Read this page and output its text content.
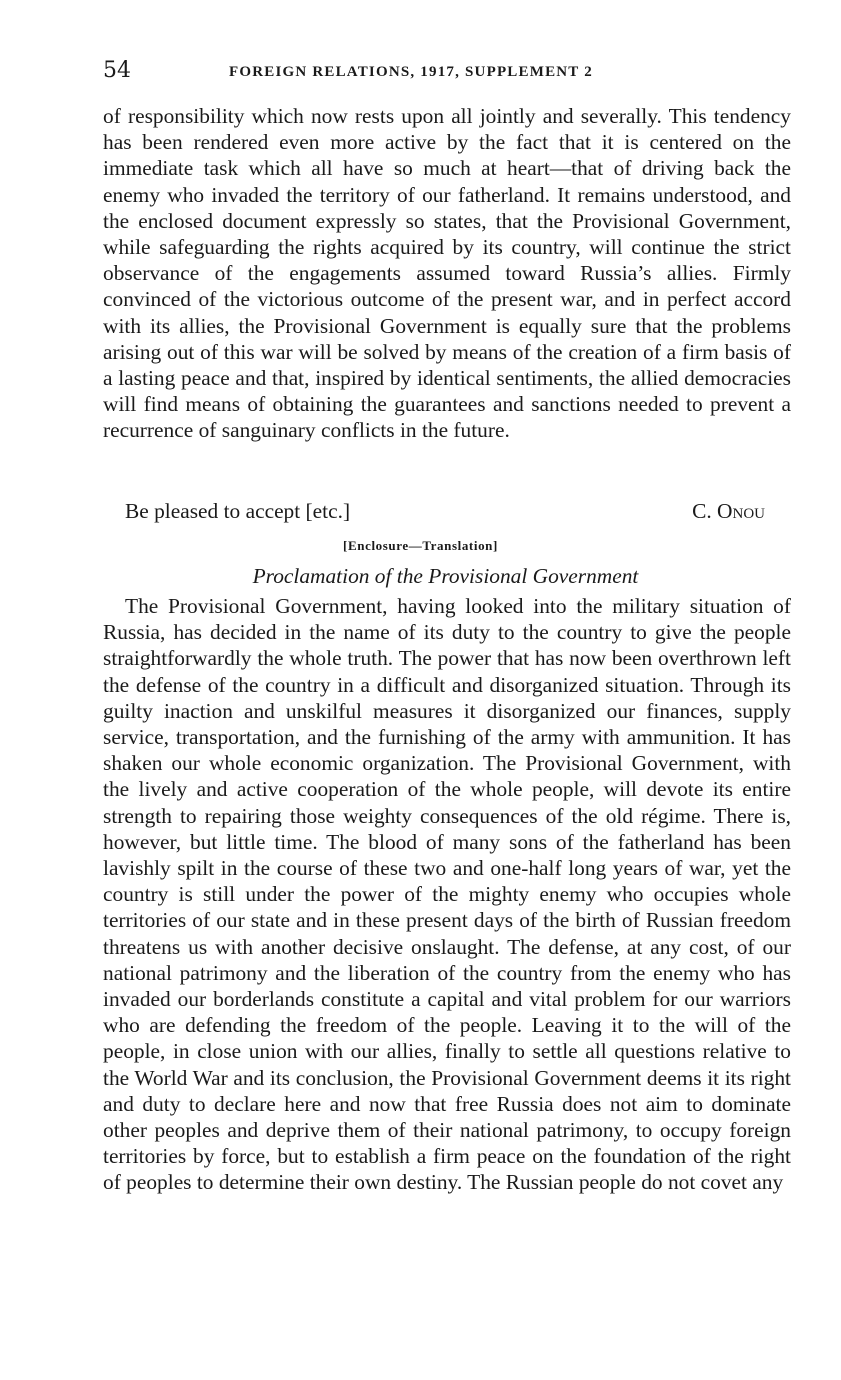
54	FOREIGN RELATIONS, 1917, SUPPLEMENT 2

of responsibility which now rests upon all jointly and severally. This tendency has been rendered even more active by the fact that it is centered on the immediate task which all have so much at heart—that of driving back the enemy who invaded the territory of our fatherland. It remains understood, and the enclosed document expressly so states, that the Provisional Government, while safeguarding the rights acquired by its country, will continue the strict observance of the engagements assumed toward Russia’s allies. Firmly convinced of the victorious outcome of the present war, and in perfect accord with its allies, the Provisional Government is equally sure that the problems arising out of this war will be solved by means of the creation of a firm basis of a lasting peace and that, inspired by identical sentiments, the allied democracies will find means of obtaining the guarantees and sanctions needed to prevent a recurrence of sanguinary conflicts in the future.

Be pleased to accept [etc.]	C. Onou
[Enclosure—Translation]
Proclamation of the Provisional Government

The Provisional Government, having looked into the military situation of Russia, has decided in the name of its duty to the country to give the people straightforwardly the whole truth. The power that has now been overthrown left the defense of the country in a difficult and disorganized situation. Through its guilty inaction and unskilful measures it disorganized our finances, supply service, transportation, and the furnishing of the army with ammunition. It has shaken our whole economic organization. The Provisional Government, with the lively and active cooperation of the whole people, will devote its entire strength to repairing those weighty consequences of the old régime. There is, however, but little time. The blood of many sons of the fatherland has been lavishly spilt in the course of these two and one-half long years of war, yet the country is still under the power of the mighty enemy who occupies whole territories of our state and in these present days of the birth of Russian freedom threatens us with another decisive onslaught. The defense, at any cost, of our national patrimony and the liberation of the country from the enemy who has invaded our borderlands constitute a capital and vital problem for our warriors who are defending the freedom of the people. Leaving it to the will of the people, in close union with our allies, finally to settle all questions relative to the World War and its conclusion, the Provisional Government deems it its right and duty to declare here and now that free Russia does not aim to dominate other peoples and deprive them of their national patrimony, to occupy foreign territories by force, but to establish a firm peace on the foundation of the right of peoples to determine their own destiny. The Russian people do not covet any
